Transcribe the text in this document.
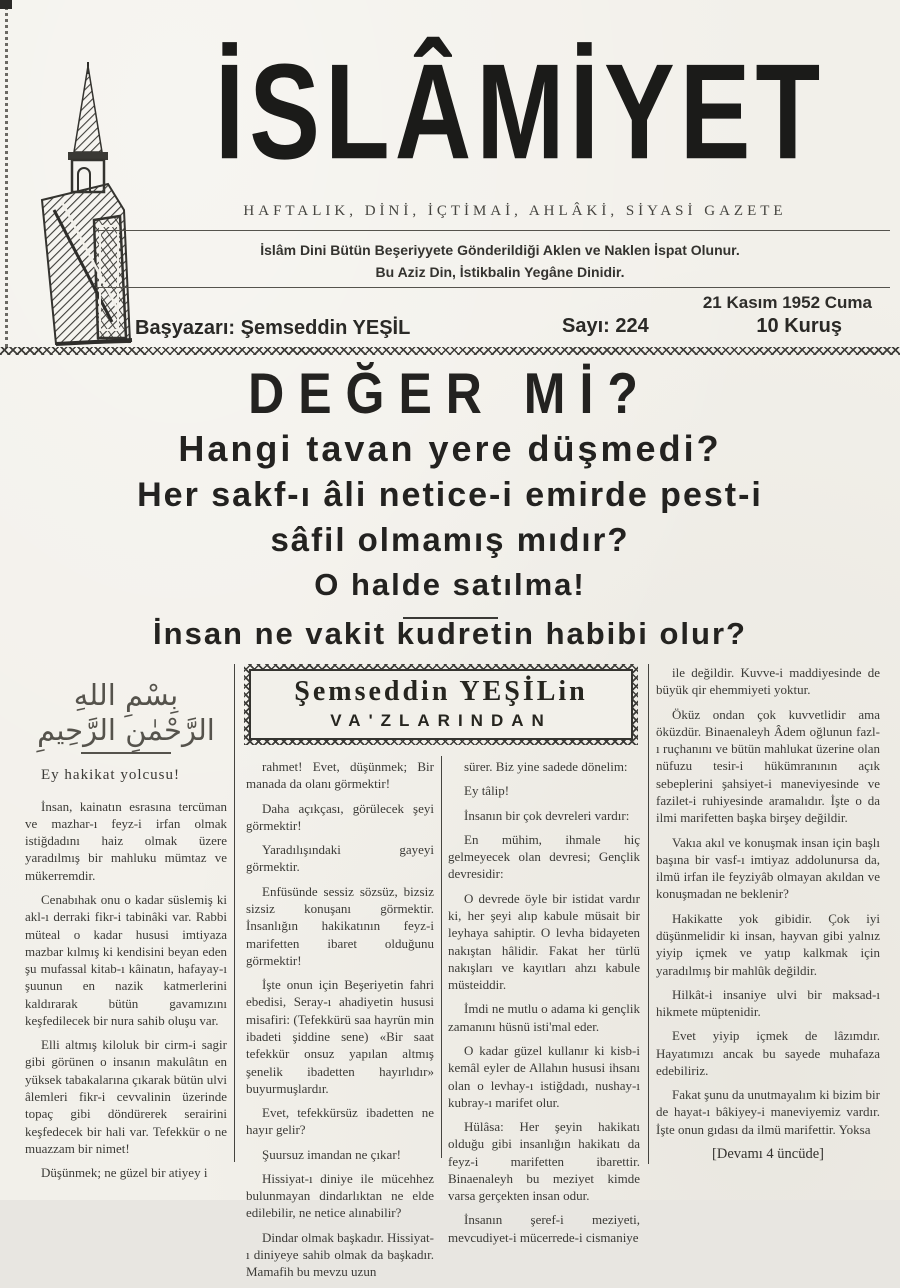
İSLÂMİYET
HAFTALIK, DİNİ, İÇTİMAİ, AHLÂKİ, SİYASİ GAZETE
İslâm Dini Bütün Beşeriyyete Gönderildiği Aklen ve Naklen İspat Olunur.
Bu Aziz Din, İstikbalin Yegâne Dinidir.
21 Kasım 1952 Cuma
Başyazarı: Şemseddin YEŞİL	Sayı: 224	10 Kuruş
DEĞER Mİ?
Hangi tavan yere düşmedi?
Her sakf-ı âli netice-i emirde pest-i
sâfil olmamış mıdır?
O halde satılma!
İnsan ne vakit kudretin habibi olur?
Şemseddin YEŞİLin
VA'ZLARINDAN
بِسْمِ اللهِ الرَّحْمٰنِ الرَّحِيمِ
Ey hakikat yolcusu!

İnsan, kainatın esrasına tercüman ve mazhar-ı feyz-i irfan olmak istiğdadını haiz olmak üzere yaradılmış bir mahluku mümtaz ve mükerremdir.

Cenabıhak onu o kadar süslemiş ki akl-ı derraki fikr-i tabinâki var. Rabbi müteal o kadar hususi imtiyaza mazbar kılmış ki kendisini beyan eden şu mufassal kitab-ı kâinatın, hafayay-ı şuunun en nazik katmerlerini kaldırarak bütün gavamızını keşfedilecek bir nura sahib oluşu var.

Elli altmış kiloluk bir cirm-i sagir gibi görünen o insanın makulâtın en yüksek tabakalarına çıkarak bütün ulvi âlemleri fikr-i cevvalinin üzerinde topaç gibi döndürerek serairini keşfedecek bir hali var. Tefekkür o ne muazzam bir nimet!

Düşünmek; ne güzel bir atiyey i

rahmet! Evet, düşünmek; Bir manada da olanı görmektir!

Daha açıkçası, görülecek şeyi görmektir!

Yaradılışındaki gayeyi görmektir.

Enfüsünde sessiz sözsüz, bizsiz sizsiz konuşanı görmektir. İnsanlığın hakikatının feyz-i marifetten ibaret olduğunu görmektir!

İşte onun için Beşeriyetin fahri ebedisi, Seray-ı ahadiyetin hususi misafiri: (Tefekkürü saa hayrün min ibadeti şiddine sene) «Bir saat tefekkür onsuz yapılan altmış şenelik ibadetten hayırlıdır» buyurmuşlardır.

Evet, tefekkürsüz ibadetten ne hayır gelir?

Şuursuz imandan ne çıkar!

Hissiyat-ı diniye ile mücehhez bulunmayan dindarlıktan ne elde edilebilir, ne netice alınabilir?

Dindar olmak başkadır. Hissiyat-ı diniyeye sahib olmak da başkadır. Mamafih bu mevzu uzun

sürer. Biz yine sadede dönelim:

Ey tâlip!

İnsanın bir çok devreleri vardır:

En mühim, ihmale hiç gelmeyecek olan devresi; Gençlik devresidir:

O devrede öyle bir istidat vardır ki, her şeyi alıp kabule müsait bir leyhaya sahiptir. O levha bidayeten nakıştan hâlidir. Fakat her türlü nakışları ve kayıtları ahzı kabule müsteiddir.

İmdi ne mutlu o adama ki gençlik zamanını hüsnü isti'mal eder.

O kadar güzel kullanır ki kisb-i kemâl eyler de Allahın hususi ihsanı olan o levhay-ı istiğdadı, nushay-ı kubray-ı marifet olur.

Hülâsa: Her şeyin hakikatı olduğu gibi insanlığın hakikatı da feyz-i marifetten ibarettir. Binaenaleyh bu meziyet kimde varsa gerçekten insan odur.

İnsanın şeref-i meziyeti, mevcudiyet-i mücerrede-i cismaniye

ile değildir. Kuvve-i maddiyesinde de büyük qir ehemmiyeti yoktur.

Öküz ondan çok kuvvetlidir ama öküzdür. Binaenaleyh Âdem oğlunun fazl-ı ruçhanını ve bütün mahlukat üzerine olan nüfuzu tesir-i hükümranının açık sebeplerini şahsiyet-i maneviyesinde ve fazilet-i ruhiyesinde aramalıdır. İşte o da ilmi marifetten başka birşey değildir.

Vakıa akıl ve konuşmak insan için başlı başına bir vasf-ı imtiyaz addolunursa da, ilmü irfan ile feyziyâb olmayan akıldan ve konuşmadan ne beklenir?

Hakikatte yok gibidir. Çok iyi düşünmelidir ki insan, hayvan gibi yalnız yiyip içmek ve yatıp kalkmak için yaradılmış bir mahlûk değildir.

Hilkât-i insaniye ulvi bir maksad-ı hikmete müptenidir.

Evet yiyip içmek de lâzımdır. Hayatımızı ancak bu sayede muhafaza edebiliriz.

Fakat şunu da unutmayalım ki bizim bir de hayat-ı bâkiyey-i maneviyemiz vardır. İşte onun gıdası da ilmü marifettir. Yoksa

[Devamı 4 üncüde]
